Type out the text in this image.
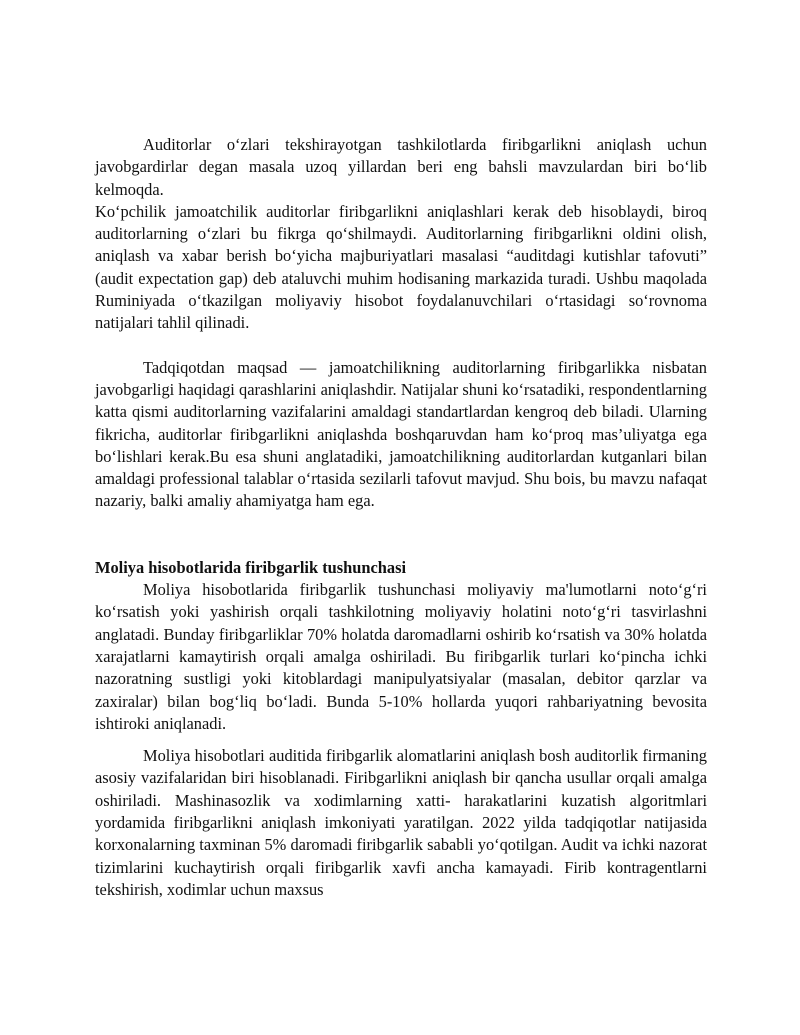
Auditorlar o‘zlari tekshirayotgan tashkilotlarda firibgarlikni aniqlash uchun javobgardirlar degan masala uzoq yillardan beri eng bahsli mavzulardan biri bo‘lib kelmoqda.

Ko‘pchilik jamoatchilik auditorlar firibgarlikni aniqlashlari kerak deb hisoblaydi, biroq auditorlarning o‘zlari bu fikrga qo‘shilmaydi. Auditorlarning firibgarlikni oldini olish, aniqlash va xabar berish bo‘yicha majburiyatlari masalasi “auditdagi kutishlar tafovuti” (audit expectation gap) deb ataluvchi muhim hodisaning markazida turadi. Ushbu maqolada Ruminiyada o‘tkazilgan moliyaviy hisobot foydalanuvchilari o‘rtasidagi so‘rovnoma natijalari tahlil qilinadi.

Tadqiqotdan maqsad — jamoatchilikning auditorlarning firibgarlikka nisbatan javobgarligi haqidagi qarashlarini aniqlashdir. Natijalar shuni ko‘rsatadiki, respondentlarning katta qismi auditorlarning vazifalarini amaldagi standartlardan kengroq deb biladi. Ularning fikricha, auditorlar firibgarlikni aniqlashda boshqaruvdan ham ko‘proq mas’uliyatga ega bo‘lishlari kerak.Bu esa shuni anglatadiki, jamoatchilikning auditorlardan kutganlari bilan amaldagi professional talablar o‘rtasida sezilarli tafovut mavjud. Shu bois, bu mavzu nafaqat nazariy, balki amaliy ahamiyatga ham ega.

Moliya hisobotlarida firibgarlik tushunchasi

Moliya hisobotlarida firibgarlik tushunchasi moliyaviy ma'lumotlarni noto‘g‘ri ko‘rsatish yoki yashirish orqali tashkilotning moliyaviy holatini noto‘g‘ri tasvirlashni anglatadi. Bunday firibgarliklar 70% holatda daromadlarni oshirib ko‘rsatish va 30% holatda xarajatlarni kamaytirish orqali amalga oshiriladi. Bu firibgarlik turlari ko‘pincha ichki nazoratning sustligi yoki kitoblardagi manipulyatsiyalar (masalan, debitor qarzlar va zaxiralar) bilan bog‘liq bo‘ladi. Bunda 5-10% hollarda yuqori rahbariyatning bevosita ishtiroki aniqlanadi.

Moliya hisobotlari auditida firibgarlik alomatlarini aniqlash bosh auditorlik firmaning asosiy vazifalaridan biri hisoblanadi. Firibgarlikni aniqlash bir qancha usullar orqali amalga oshiriladi. Mashinasozlik va xodimlarning xatti- harakatlarini kuzatish algoritmlari yordamida firibgarlikni aniqlash imkoniyati yaratilgan. 2022 yilda tadqiqotlar natijasida korxonalarning taxminan 5% daromadi firibgarlik sababli yo‘qotilgan. Audit va ichki nazorat tizimlarini kuchaytirish orqali firibgarlik xavfi ancha kamayadi. Firib kontragentlarni tekshirish, xodimlar uchun maxsus
